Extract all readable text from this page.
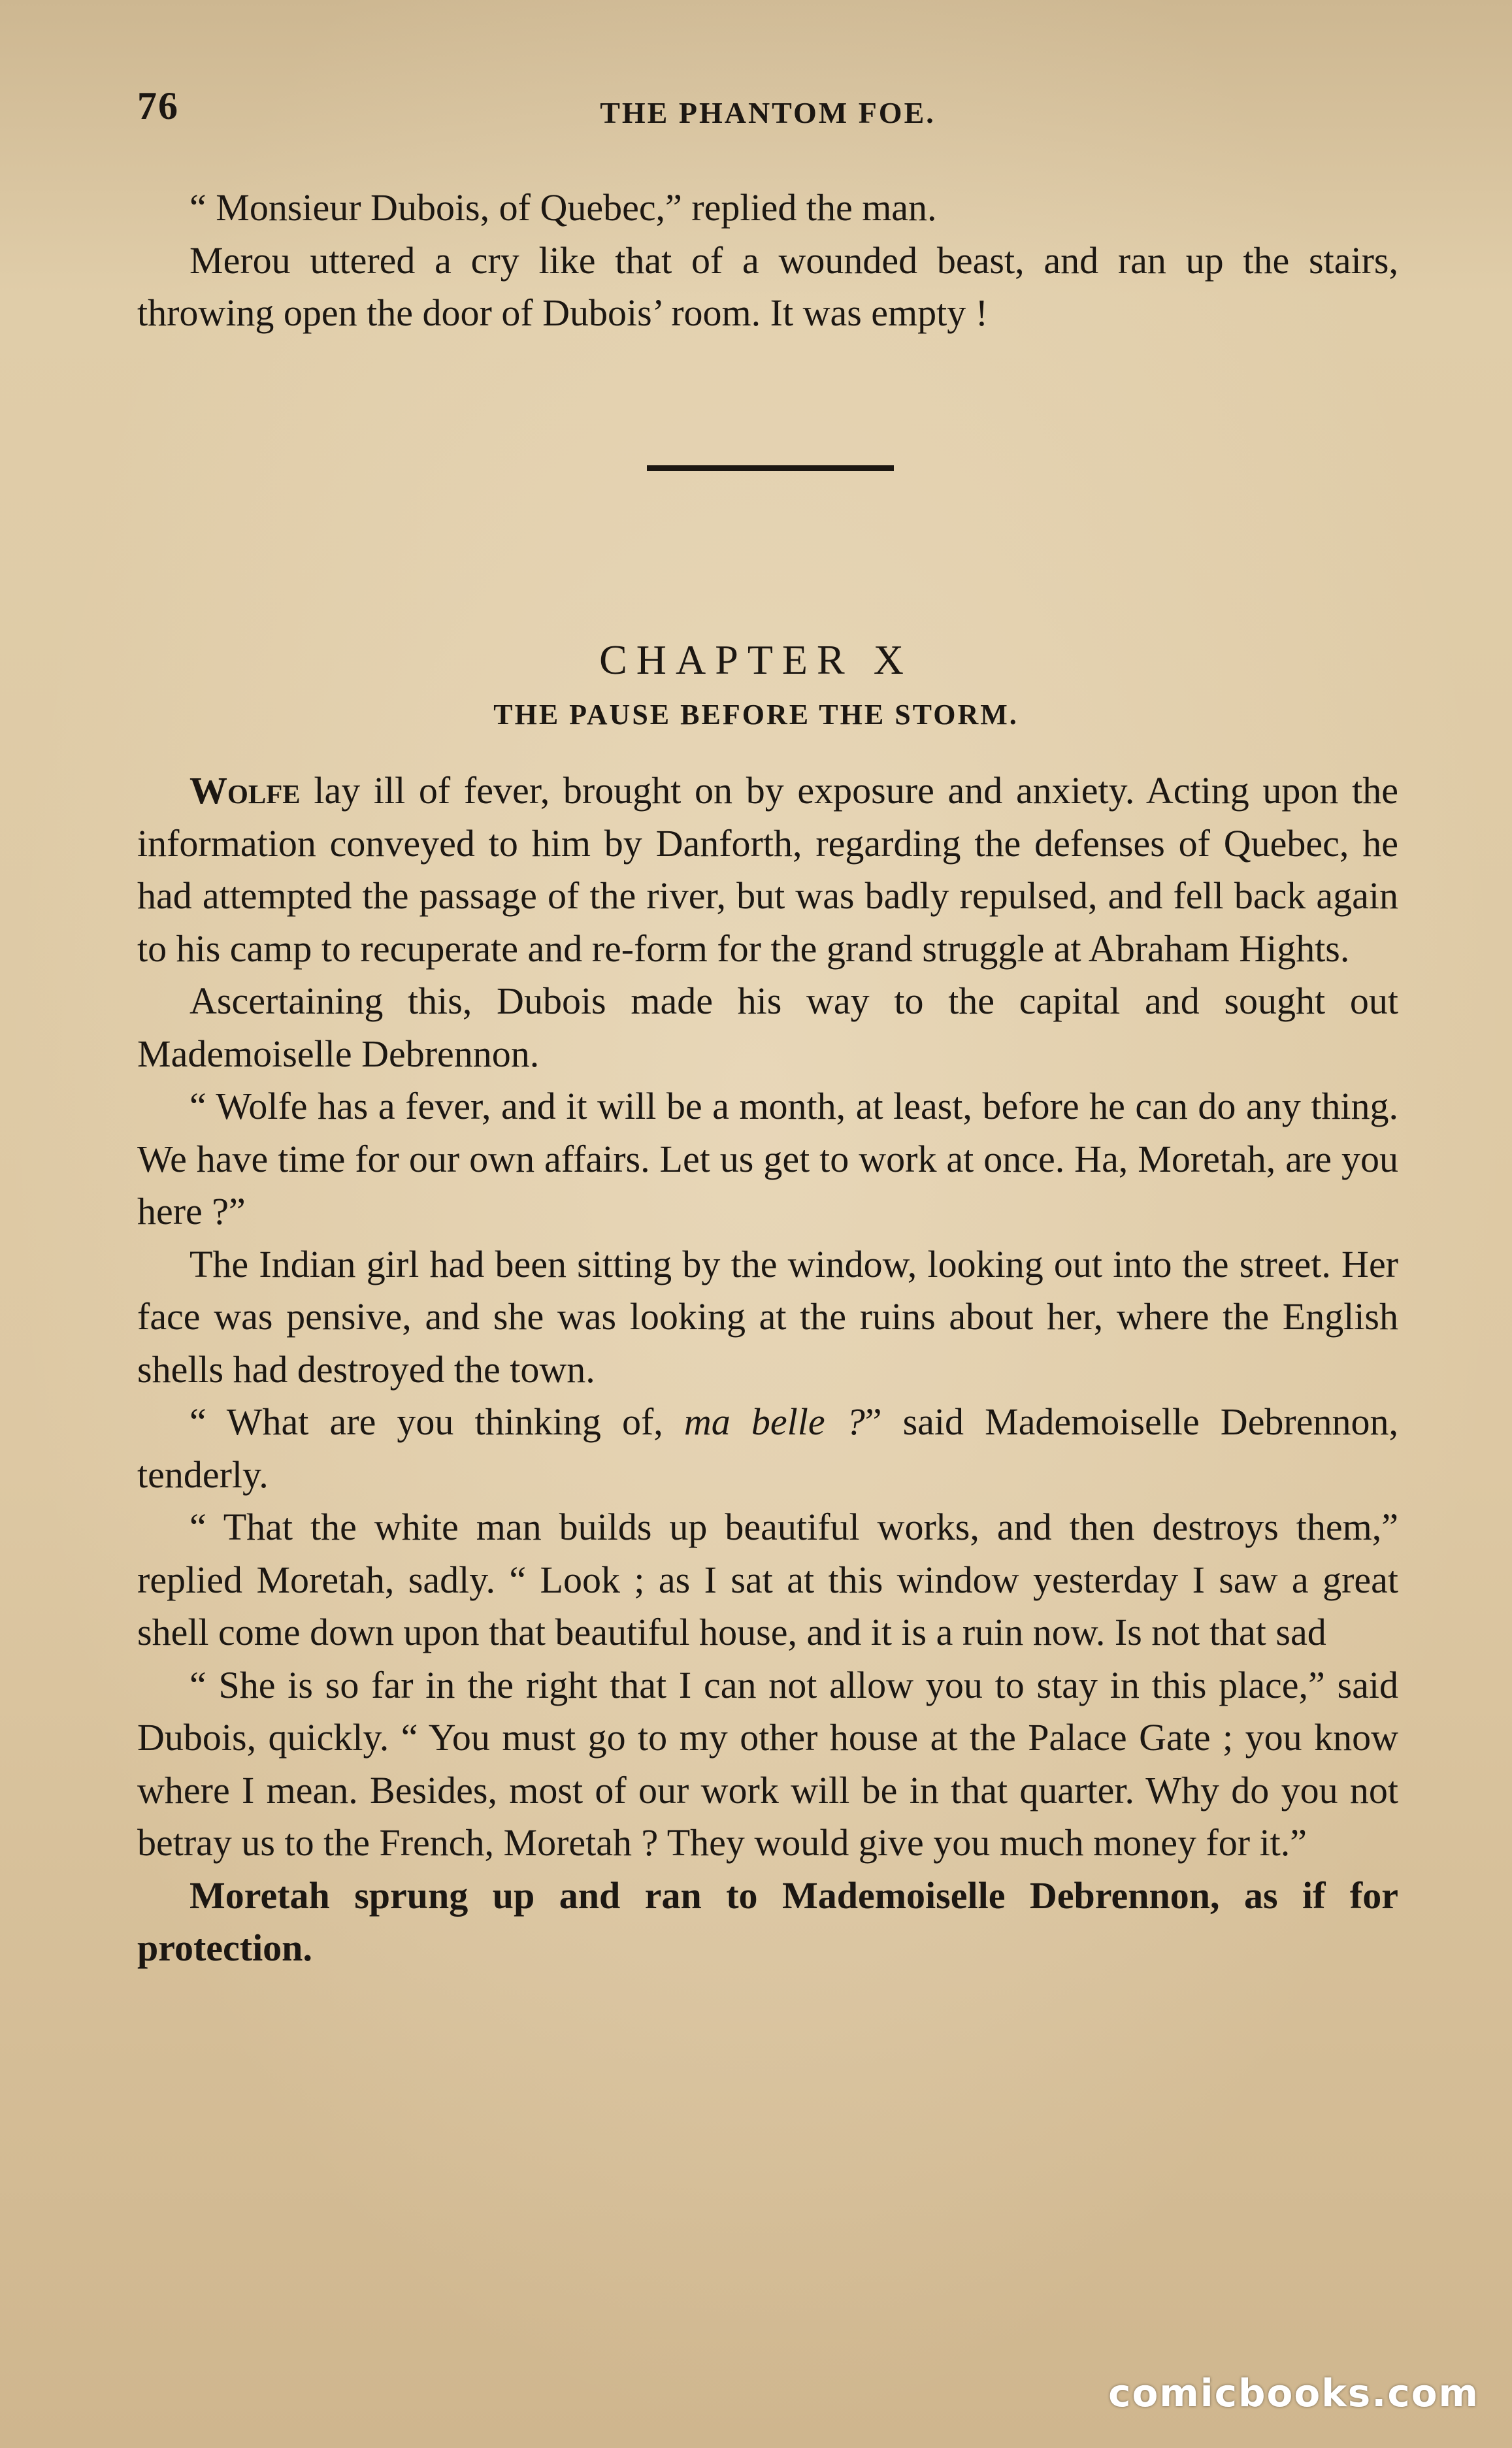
76	THE PHANTOM FOE.

“ Monsieur Dubois, of Quebec,” replied the man.

Merou uttered a cry like that of a wounded beast, and ran up the stairs, throwing open the door of Dubois’ room. It was empty !

CHAPTER X
THE PAUSE BEFORE THE STORM.

Wolfe lay ill of fever, brought on by exposure and anxiety. Acting upon the information conveyed to him by Danforth, regarding the defenses of Quebec, he had attempted the passage of the river, but was badly repulsed, and fell back again to his camp to recuperate and re-form for the grand struggle at Abraham Hights.

Ascertaining this, Dubois made his way to the capital and sought out Mademoiselle Debrennon.

“ Wolfe has a fever, and it will be a month, at least, before he can do any thing. We have time for our own affairs. Let us get to work at once. Ha, Moretah, are you here ?”

The Indian girl had been sitting by the window, looking out into the street. Her face was pensive, and she was looking at the ruins about her, where the English shells had destroyed the town.

“ What are you thinking of, ma belle ?” said Mademoiselle Debrennon, tenderly.

“ That the white man builds up beautiful works, and then destroys them,” replied Moretah, sadly. “ Look ; as I sat at this window yesterday I saw a great shell come down upon that beautiful house, and it is a ruin now. Is not that sad

“ She is so far in the right that I can not allow you to stay in this place,” said Dubois, quickly. “ You must go to my other house at the Palace Gate ; you know where I mean. Besides, most of our work will be in that quarter. Why do you not betray us to the French, Moretah ? They would give you much money for it.”

Moretah sprung up and ran to Mademoiselle Debrennon, as if for protection.

comicbooks.com
